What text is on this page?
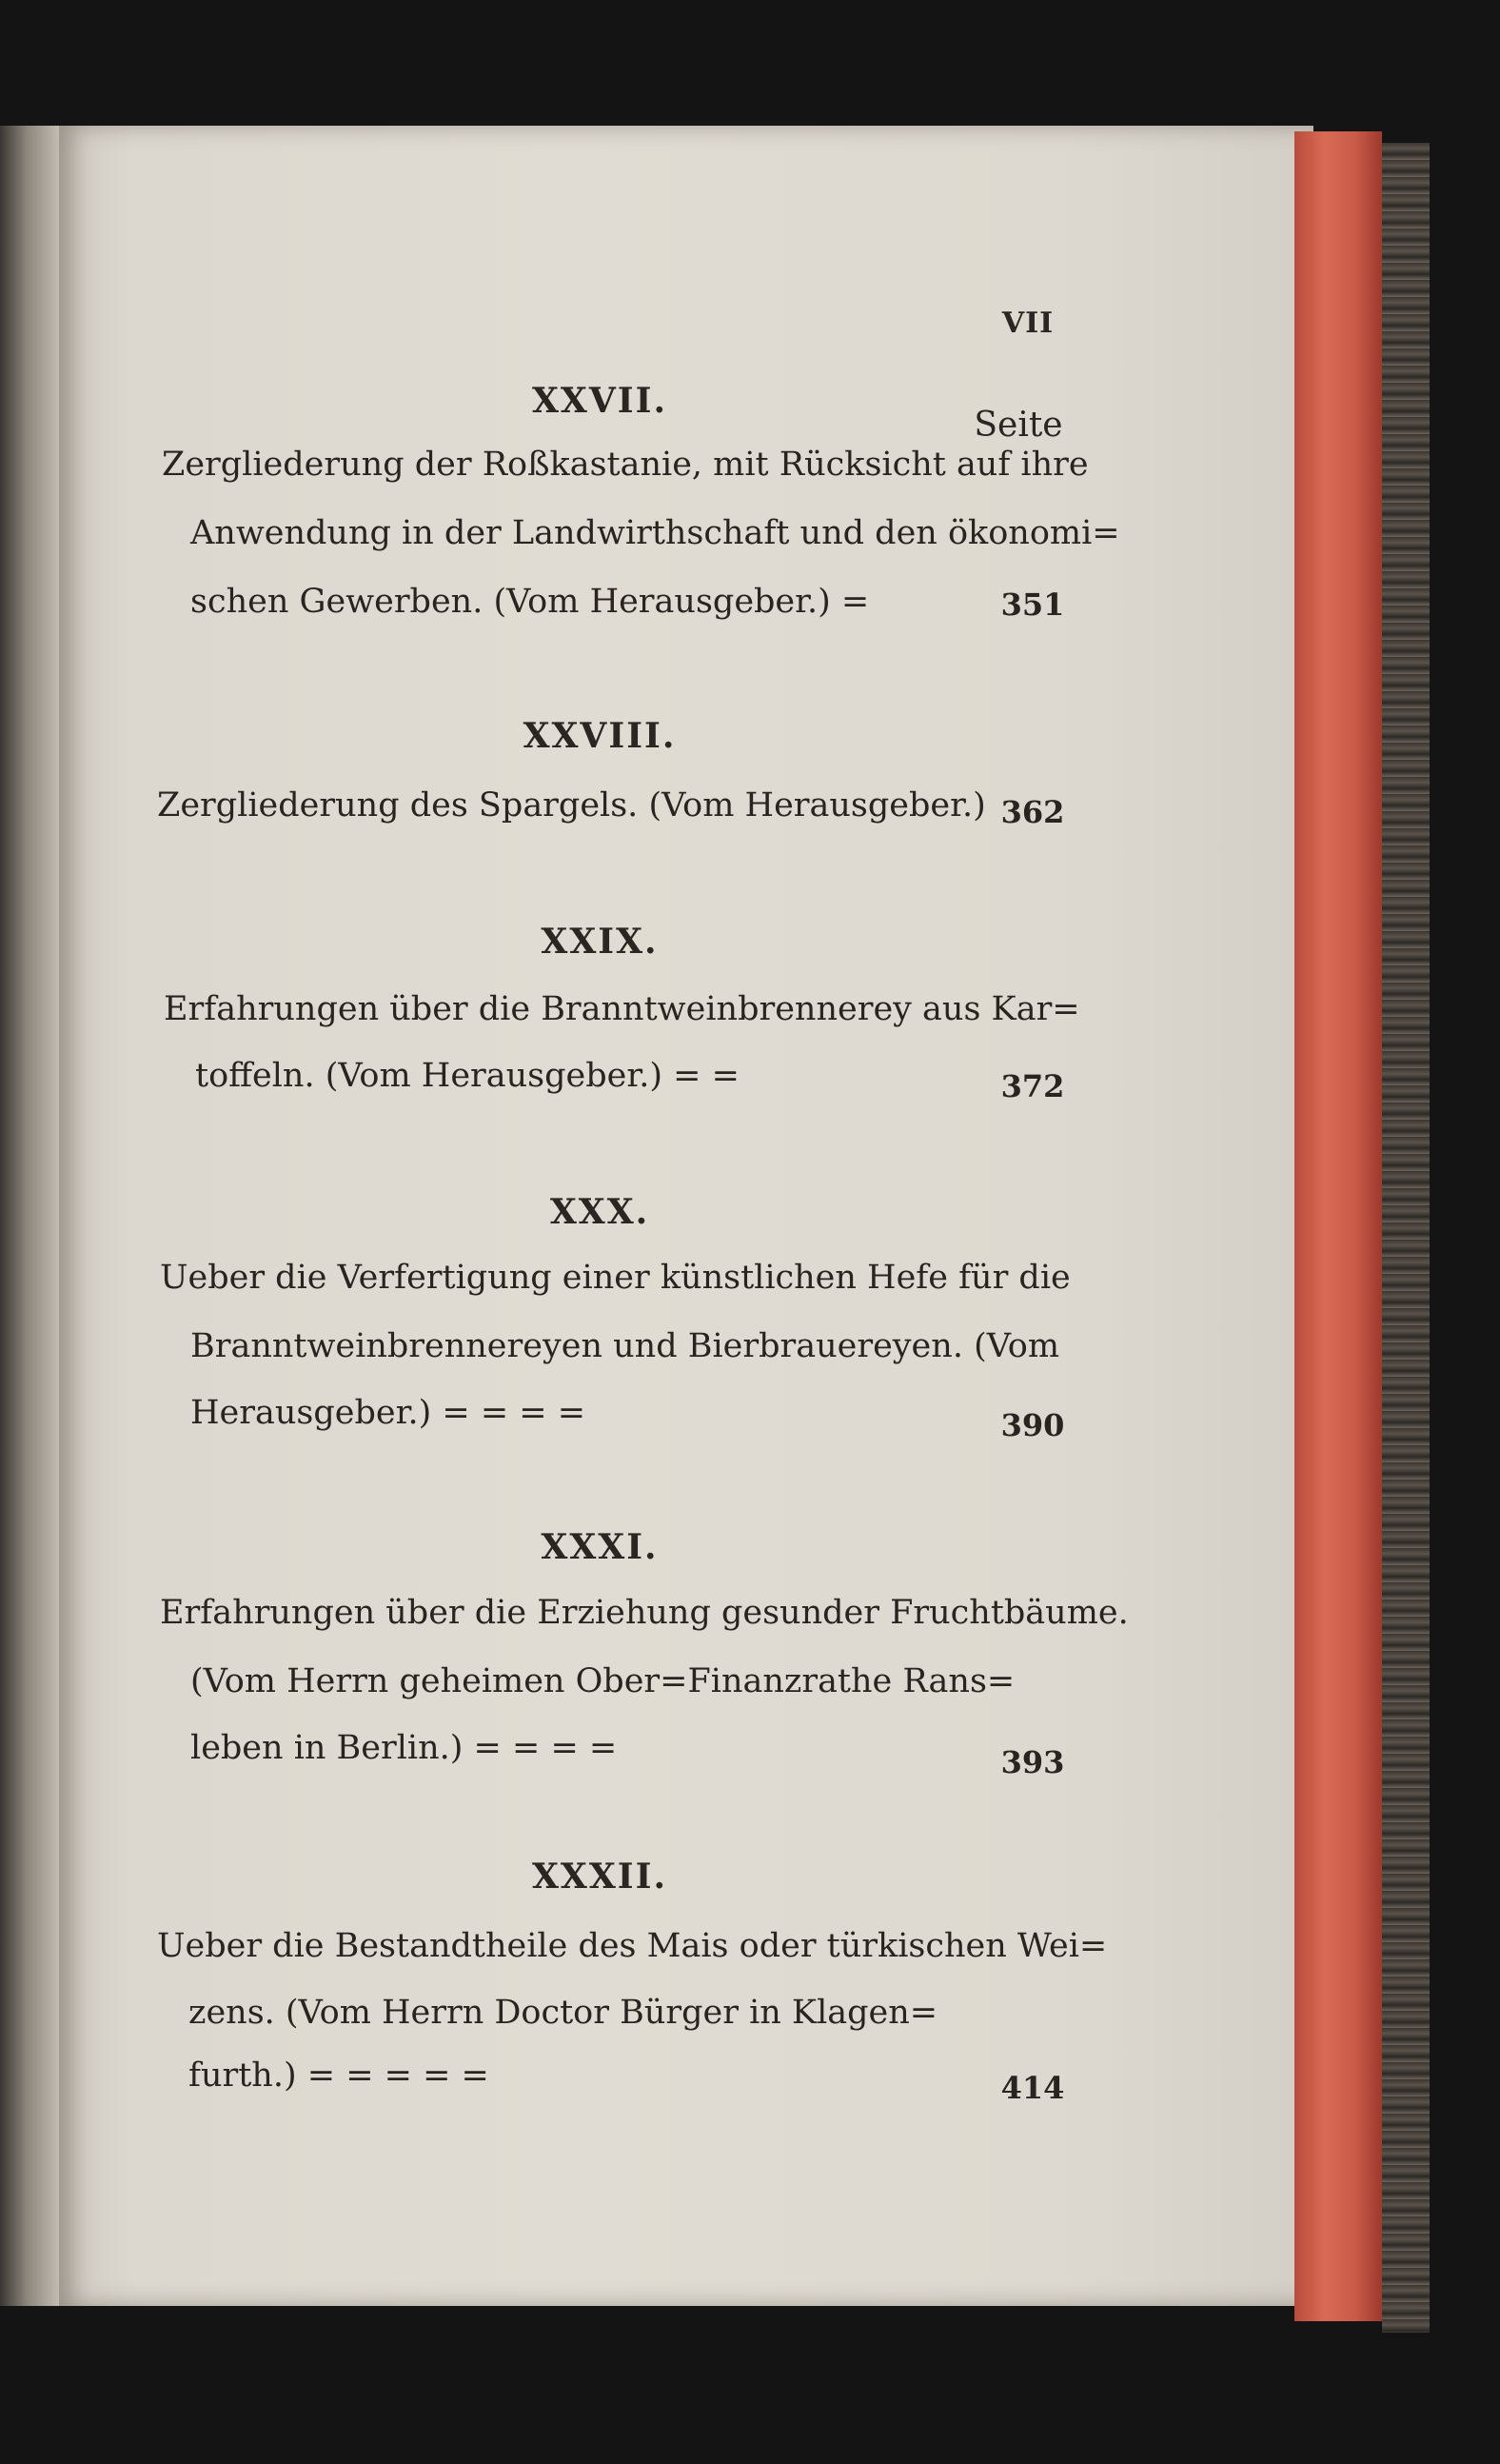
VII
Seite
XXVII.
Zergliederung der Roßkastanie, mit Rücksicht auf ihre
Anwendung in der Landwirthschaft und den ökonomi=
schen Gewerben. (Vom Herausgeber.) =	351
XXVIII.
Zergliederung des Spargels. (Vom Herausgeber.) 362
XXIX.
Erfahrungen über die Branntweinbrennerey aus Kar=
toffeln. (Vom Herausgeber.) = =	372
XXX.
Ueber die Verfertigung einer künstlichen Hefe für die
Branntweinbrennereyen und Bierbrauereyen. (Vom
Herausgeber.) = = = =	390
XXXI.
Erfahrungen über die Erziehung gesunder Fruchtbäume.
(Vom Herrn geheimen Ober=Finanzrathe Rans=
leben in Berlin.) = = = =	393
XXXII.
Ueber die Bestandtheile des Mais oder türkischen Wei=
zens. (Vom Herrn Doctor Bürger in Klagen=
furth.) = = = = =	414
